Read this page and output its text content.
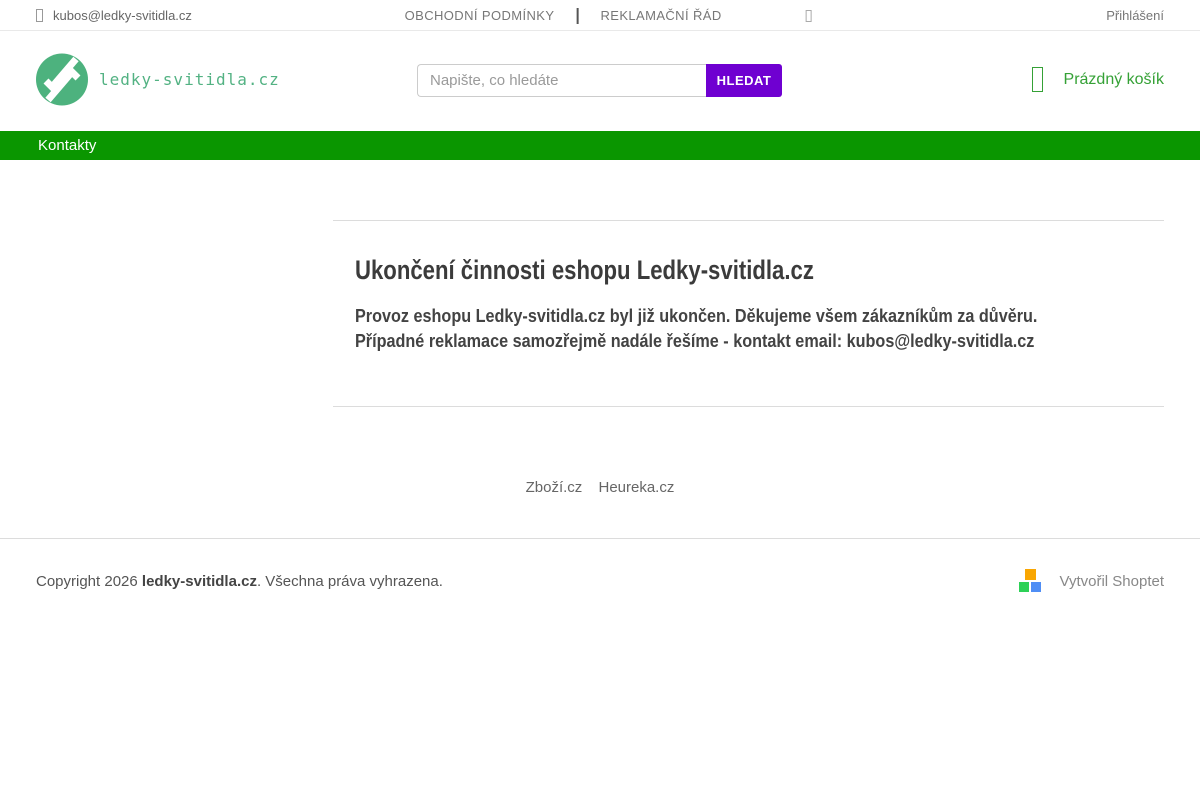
kubos@ledky-svitidla.cz	OBCHODNÍ PODMÍNKY	REKLAMAČNÍ ŘÁD	Přihlášení
ledky-svitidla.cz
Napište, co hledáte	HLEDAT	Prázdný košík
Kontakty
Ukončení činnosti eshopu Ledky-svitidla.cz
Provoz eshopu Ledky-svitidla.cz byl již ukončen. Děkujeme všem zákazníkům za důvěru.
Případné reklamace samozřejmě nadále řešíme - kontakt email: kubos@ledky-svitidla.cz
Zboží.cz Heureka.cz
Copyright 2026 ledky-svitidla.cz. Všechna práva vyhrazena.	Vytvořil Shoptet
